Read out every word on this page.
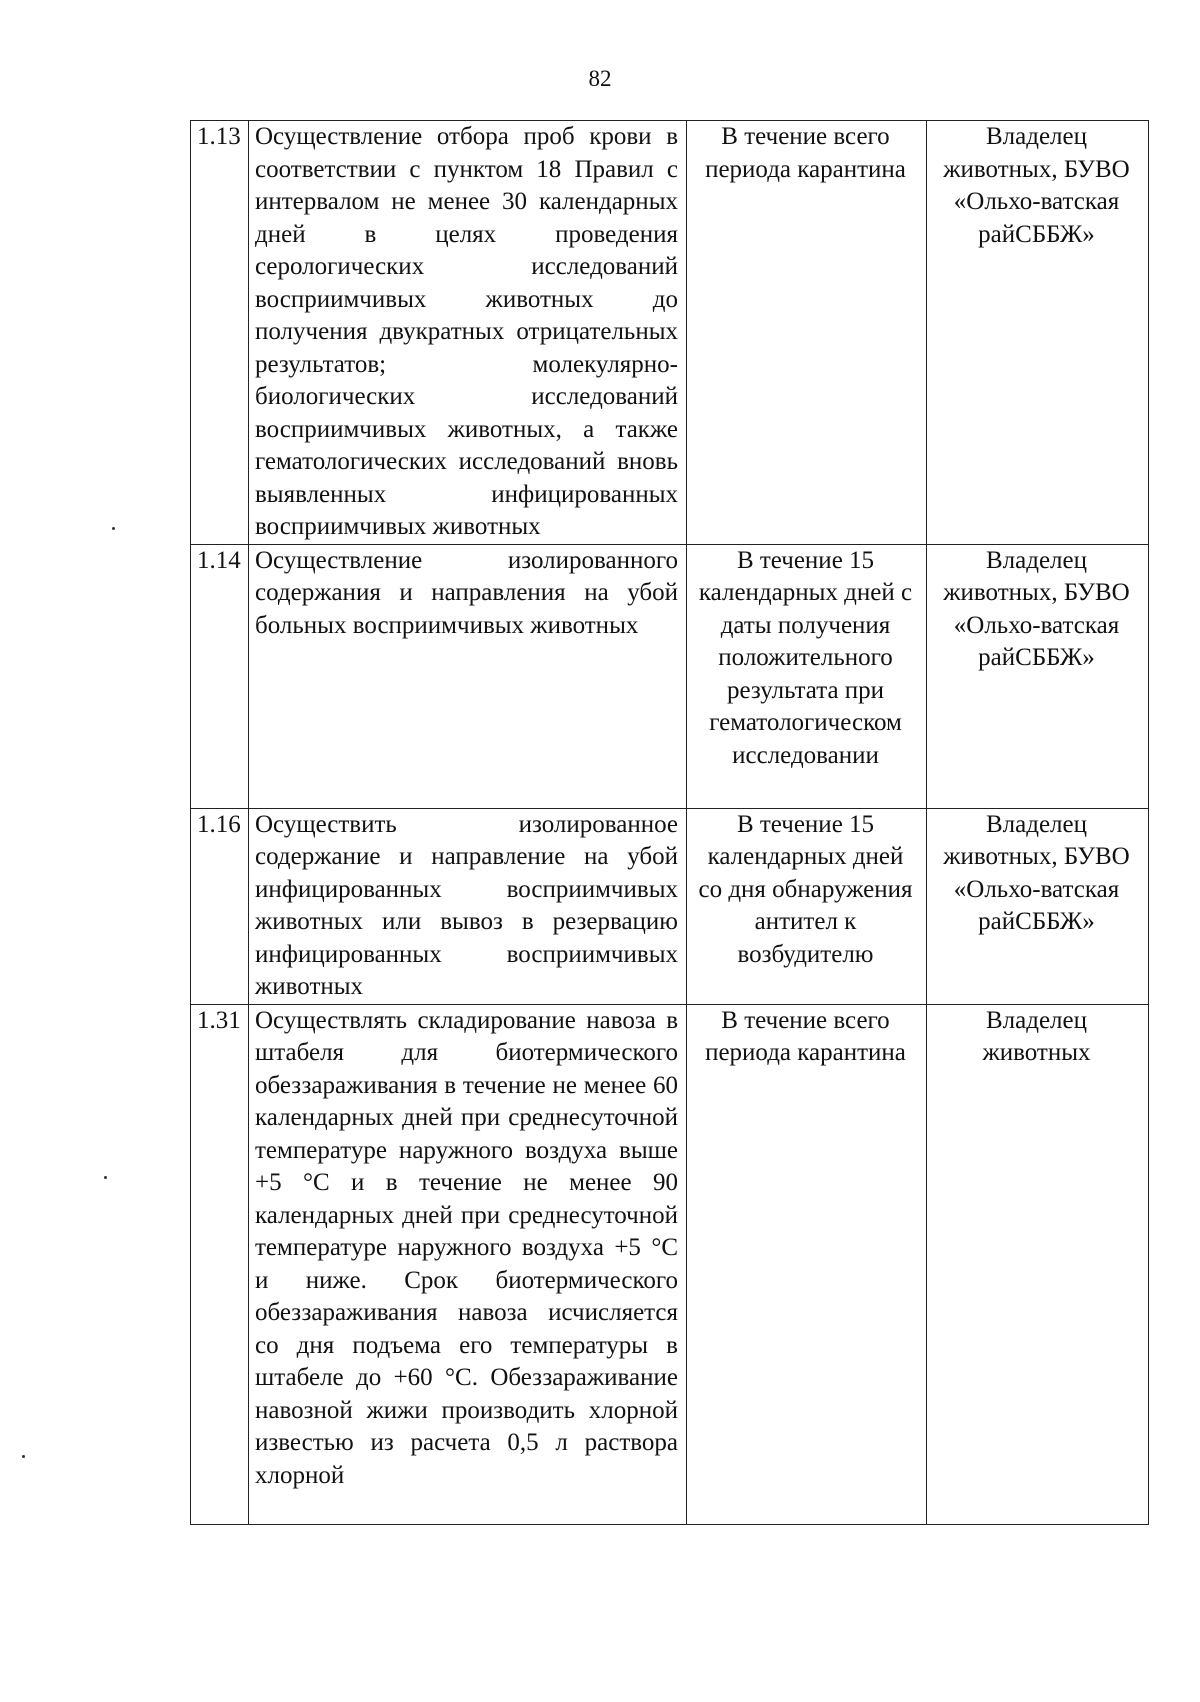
82
1.13	Осуществление отбора проб крови в соответствии с пунктом 18 Правил с интервалом не менее 30 календарных дней в целях проведения серологических исследований восприимчивых животных до получения двукратных отрицательных результатов; молекулярно-биологических исследований восприимчивых животных, а также гематологических исследований вновь выявленных инфицированных восприимчивых животных	В течение всего периода карантина	Владелец животных, БУВО «Ольхо-ватская райСББЖ»
1.14	Осуществление изолированного содержания и направления на убой больных восприимчивых животных	В течение 15 календарных дней с даты получения положительного результата при гематологическом исследовании	Владелец животных, БУВО «Ольхо-ватская райСББЖ»
1.16	Осуществить изолированное содержание и направление на убой инфицированных восприимчивых животных или вывоз в резервацию инфицированных восприимчивых животных	В течение 15 календарных дней со дня обнаружения антител к возбудителю	Владелец животных, БУВО «Ольхо-ватская райСББЖ»
1.31	Осуществлять складирование навоза в штабеля для биотермического обеззараживания в течение не менее 60 календарных дней при среднесуточной температуре наружного воздуха выше +5 °С и в течение не менее 90 календарных дней при среднесуточной температуре наружного воздуха +5 °С и ниже. Срок биотермического обеззараживания навоза исчисляется со дня подъема его температуры в штабеле до +60 °С. Обеззараживание навозной жижи производить хлорной известью из расчета 0,5 л раствора хлорной	В течение всего периода карантина	Владелец животных
